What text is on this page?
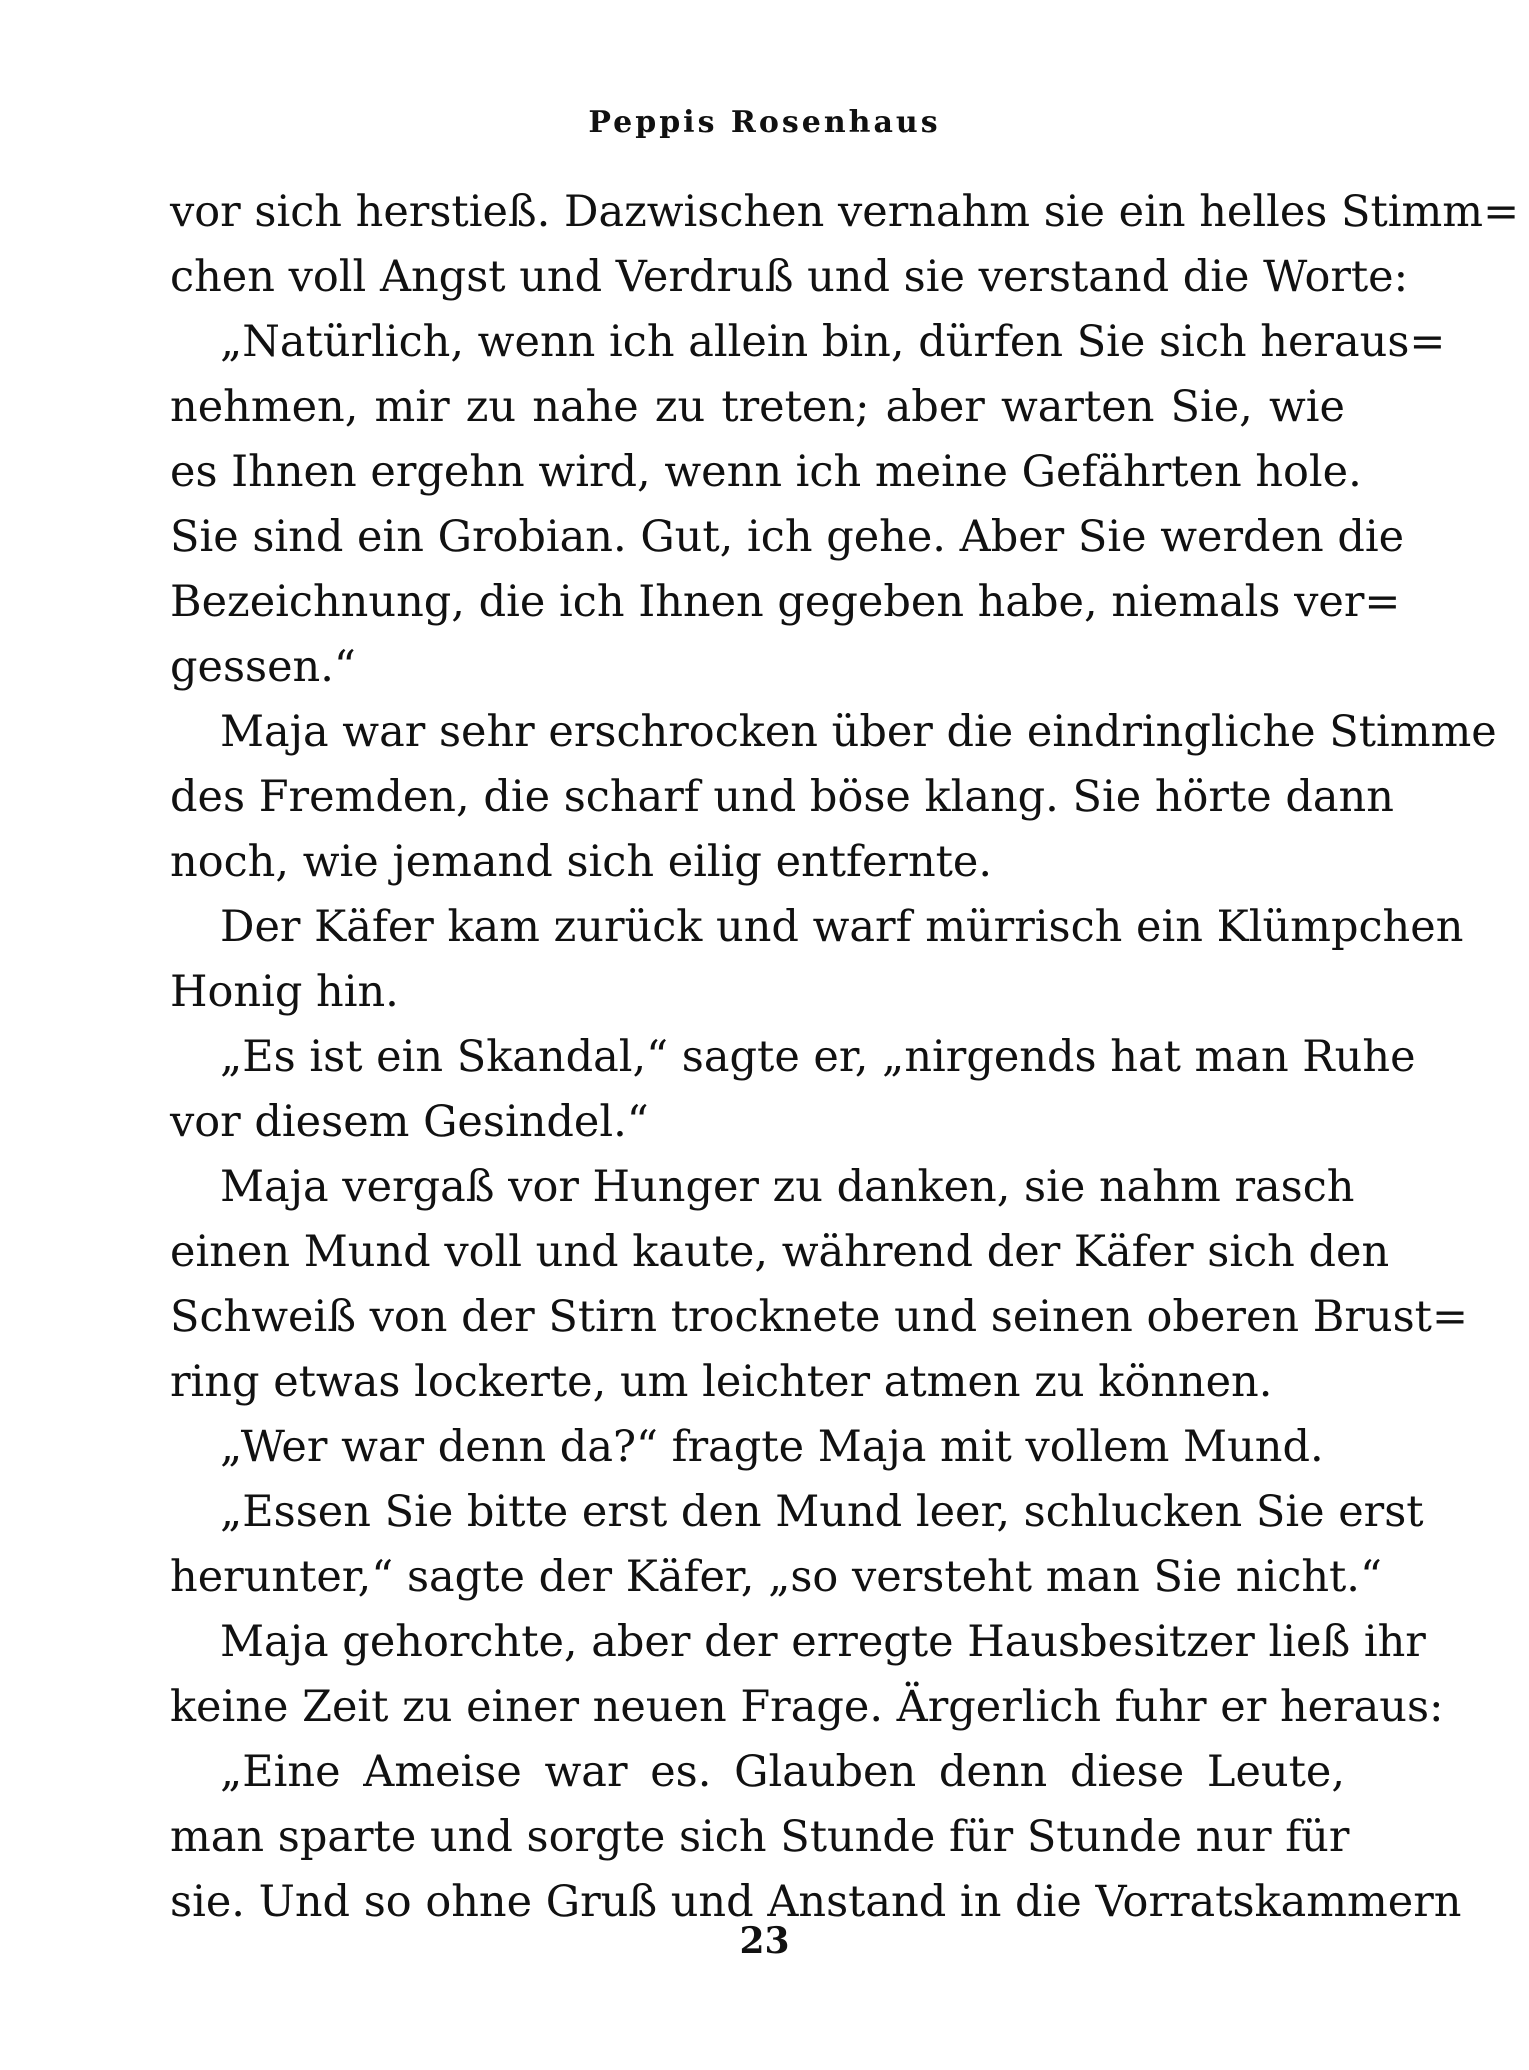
Peppis Rosenhaus
vor sich herstieß. Dazwischen vernahm sie ein helles Stimm=
chen voll Angst und Verdruß und sie verstand die Worte:
„Natürlich, wenn ich allein bin, dürfen Sie sich heraus=
nehmen, mir zu nahe zu treten; aber warten Sie, wie
es Ihnen ergehn wird, wenn ich meine Gefährten hole.
Sie sind ein Grobian. Gut, ich gehe. Aber Sie werden die
Bezeichnung, die ich Ihnen gegeben habe, niemals ver=
gessen.“
Maja war sehr erschrocken über die eindringliche Stimme
des Fremden, die scharf und böse klang. Sie hörte dann
noch, wie jemand sich eilig entfernte.
Der Käfer kam zurück und warf mürrisch ein Klümpchen
Honig hin.
„Es ist ein Skandal,“ sagte er, „nirgends hat man Ruhe
vor diesem Gesindel.“
Maja vergaß vor Hunger zu danken, sie nahm rasch
einen Mund voll und kaute, während der Käfer sich den
Schweiß von der Stirn trocknete und seinen oberen Brust=
ring etwas lockerte, um leichter atmen zu können.
„Wer war denn da?“ fragte Maja mit vollem Mund.
„Essen Sie bitte erst den Mund leer, schlucken Sie erst
herunter,“ sagte der Käfer, „so versteht man Sie nicht.“
Maja gehorchte, aber der erregte Hausbesitzer ließ ihr
keine Zeit zu einer neuen Frage. Ärgerlich fuhr er heraus:
„Eine Ameise war es. Glauben denn diese Leute,
man sparte und sorgte sich Stunde für Stunde nur für
sie. Und so ohne Gruß und Anstand in die Vorratskammern
23
